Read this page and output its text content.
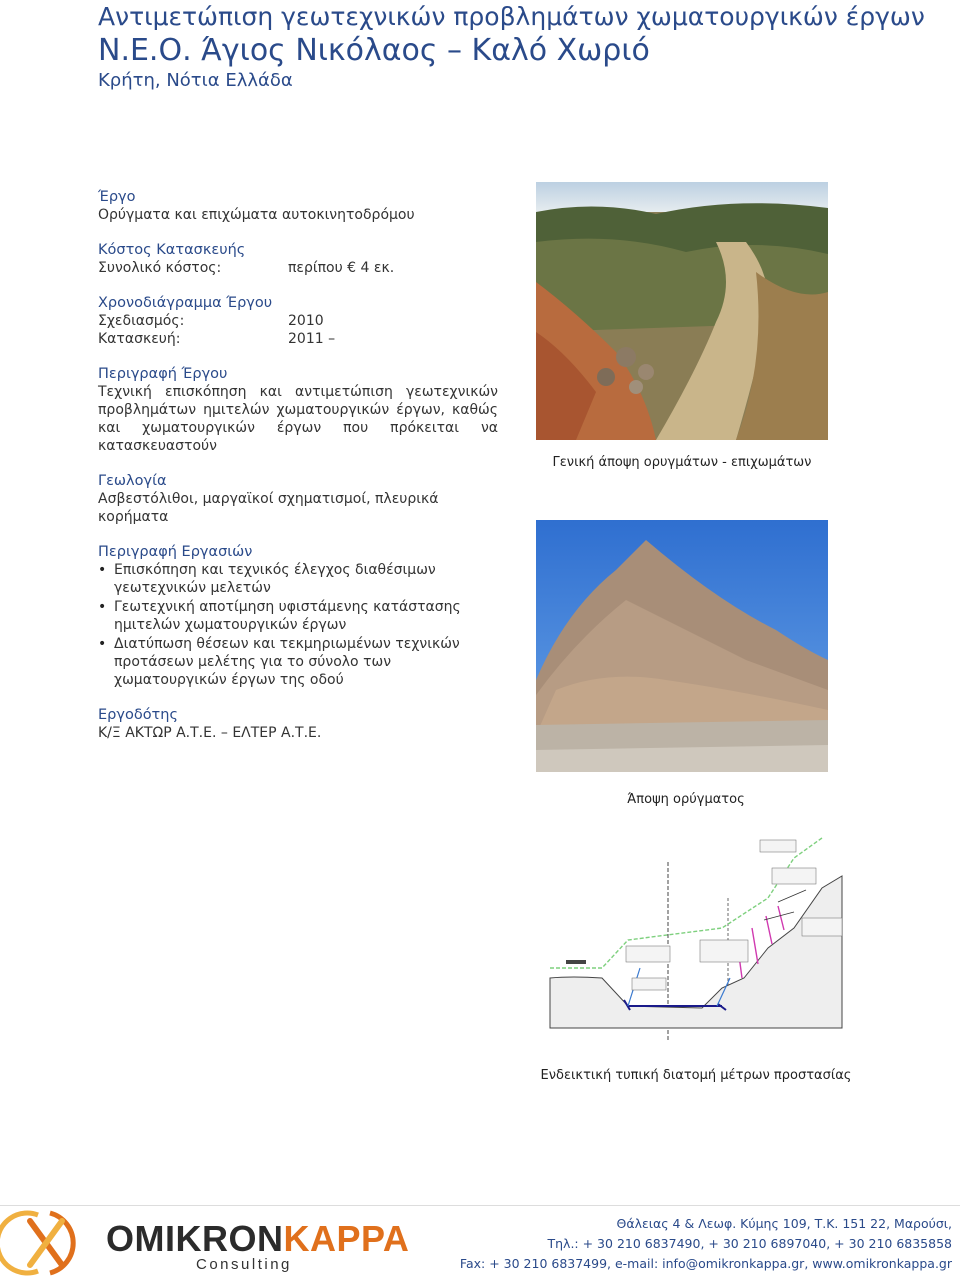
Αντιμετώπιση γεωτεχνικών προβλημάτων χωματουργικών έργων
Ν.Ε.Ο. Άγιος Νικόλαος – Καλό Χωριό
Κρήτη, Νότια Ελλάδα
Έργο
Ορύγματα και επιχώματα αυτοκινητοδρόμου
Κόστος Κατασκευής
Συνολικό κόστος:	περίπου € 4 εκ.
Χρονοδιάγραμμα Έργου
Σχεδιασμός:	2010
Κατασκευή:	2011 –
Περιγραφή Έργου
Τεχνική επισκόπηση και αντιμετώπιση γεωτεχνικών προβλημάτων ημιτελών χωματουργικών έργων, καθώς και χωματουργικών έργων που πρόκειται να κατασκευαστούν
Γεωλογία
Ασβεστόλιθοι, μαργαϊκοί σχηματισμοί, πλευρικά κορήματα
Περιγραφή Εργασιών
• Επισκόπηση και τεχνικός έλεγχος διαθέσιμων γεωτεχνικών μελετών
• Γεωτεχνική αποτίμηση υφιστάμενης κατάστασης ημιτελών χωματουργικών έργων
• Διατύπωση θέσεων και τεκμηριωμένων τεχνικών προτάσεων μελέτης για το σύνολο των χωματουργικών έργων της οδού
Εργοδότης
Κ/Ξ ΑΚΤΩΡ Α.Τ.Ε. – ΕΛΤΕΡ Α.Τ.Ε.
Γενική άποψη ορυγμάτων - επιχωμάτων
Άποψη ορύγματος
Ενδεικτική τυπική διατομή μέτρων προστασίας
OMIKRONKAPPA
Consulting
Θάλειας 4 & Λεωφ. Κύμης 109, Τ.Κ. 151 22, Μαρούσι,
Τηλ.: + 30 210 6837490, + 30 210 6897040, + 30 210 6835858
Fax: + 30 210 6837499, e-mail: info@omikronkappa.gr, www.omikronkappa.gr
